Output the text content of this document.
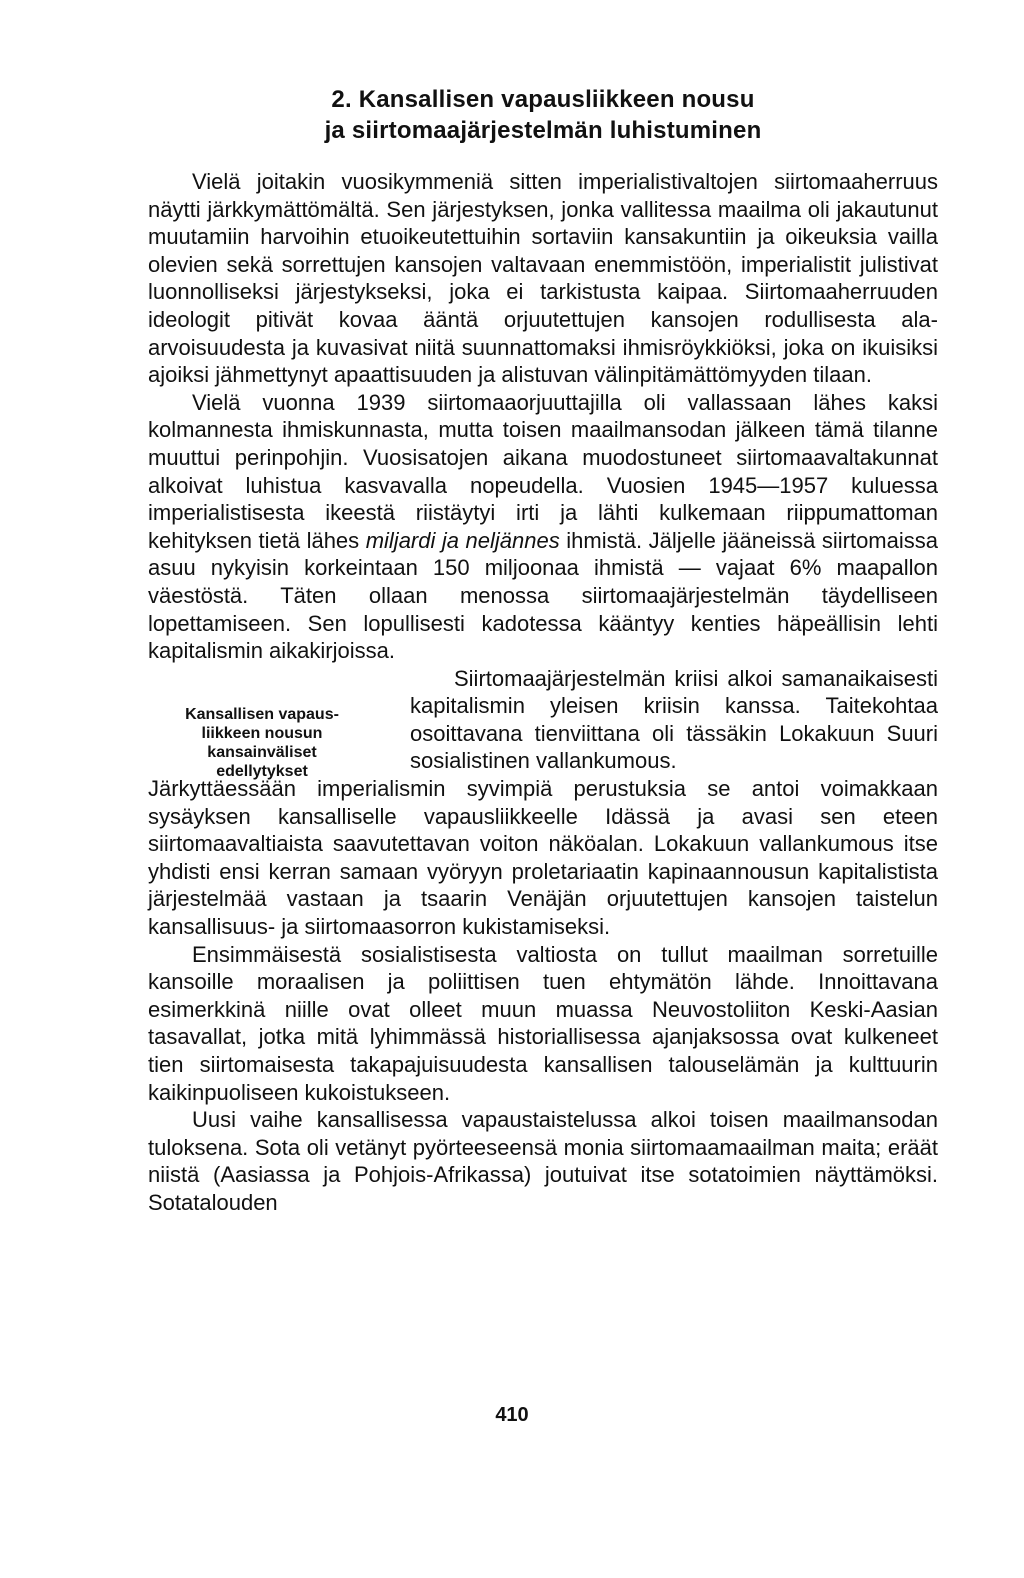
2. Kansallisen vapausliikkeen nousu
ja siirtomaajärjestelmän luhistuminen

Vielä joitakin vuosikymmeniä sitten imperialistivaltojen siirtomaaherruus näytti järkkymättömältä. Sen järjestyksen, jonka vallitessa maailma oli jakautunut muutamiin harvoihin etuoikeutettuihin sortaviin kansakuntiin ja oikeuksia vailla olevien sekä sorrettujen kansojen valtavaan enemmistöön, imperialistit julistivat luonnolliseksi järjestykseksi, joka ei tarkistusta kaipaa. Siirtomaaherruuden ideologit pitivät kovaa ääntä orjuutettujen kansojen rodullisesta ala-arvoisuudesta ja kuvasivat niitä suunnattomaksi ihmisröykkiöksi, joka on ikuisiksi ajoiksi jähmettynyt apaattisuuden ja alistuvan välinpitämättömyyden tilaan.

Vielä vuonna 1939 siirtomaaorjuuttajilla oli vallassaan lähes kaksi kolmannesta ihmiskunnasta, mutta toisen maailmansodan jälkeen tämä tilanne muuttui perinpohjin. Vuosisatojen aikana muodostuneet siirtomaavaltakunnat alkoivat luhistua kasvavalla nopeudella. Vuosien 1945—1957 kuluessa imperialistisesta ikeestä riistäytyi irti ja lähti kulkemaan riippumattoman kehityksen tietä lähes miljardi ja neljännes ihmistä. Jäljelle jääneissä siirtomaissa asuu nykyisin korkeintaan 150 miljoonaa ihmistä — vajaat 6% maapallon väestöstä. Täten ollaan menossa siirtomaajärjestelmän täydelliseen lopettamiseen. Sen lopullisesti kadotessa kääntyy kenties häpeällisin lehti kapitalismin aikakirjoissa.

Kansallisen vapaus-
liikkeen nousun
kansainväliset
edellytykset

Siirtomaajärjestelmän kriisi alkoi samanaikaisesti kapitalismin yleisen kriisin kanssa. Taitekohtaa osoittavana tienviittana oli tässäkin Lokakuun Suuri sosialistinen vallankumous.

Järkyttäessään imperialismin syvimpiä perustuksia se antoi voimakkaan sysäyksen kansalliselle vapausliikkeelle Idässä ja avasi sen eteen siirtomaavaltiaista saavutettavan voiton näköalan. Lokakuun vallankumous itse yhdisti ensi kerran samaan vyöryyn proletariaatin kapinaannousun kapitalistista järjestelmää vastaan ja tsaarin Venäjän orjuutettujen kansojen taistelun kansallisuus- ja siirtomaasorron kukistamiseksi.

Ensimmäisestä sosialistisesta valtiosta on tullut maailman sorretuille kansoille moraalisen ja poliittisen tuen ehtymätön lähde. Innoittavana esimerkkinä niille ovat olleet muun muassa Neuvostoliiton Keski-Aasian tasavallat, jotka mitä lyhimmässä historiallisessa ajanjaksossa ovat kulkeneet tien siirtomaisesta takapajuisuudesta kansallisen talouselämän ja kulttuurin kaikinpuoliseen kukoistukseen.

Uusi vaihe kansallisessa vapaustaistelussa alkoi toisen maailmansodan tuloksena. Sota oli vetänyt pyörteeseensä monia siirtomaamaailman maita; eräät niistä (Aasiassa ja Pohjois-Afrikassa) joutuivat itse sotatoimien näyttämöksi. Sotatalouden

410
